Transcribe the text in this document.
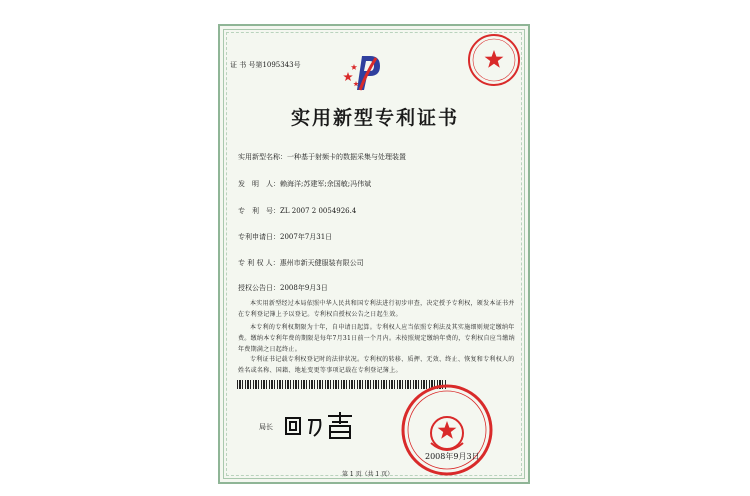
证 书 号第1095343号
实用新型专利证书
实用新型名称：一种基于射频卡的数据采集与处理装置
发　明　人：赖海洋;苏建军;余国敏;冯伟斌
专　利　号：ZL 2007 2 0054926.4
专利申请日：2007年7月31日
专 利 权 人：惠州市新天健服装有限公司
授权公告日：2008年9月3日
本实用新型经过本局依照中华人民共和国专利法进行初步审查，决定授予专利权，颁发本证书并在专利登记簿上予以登记。专利权自授权公告之日起生效。
本专利的专利权期限为十年，自申请日起算。专利权人应当依照专利法及其实施细则规定缴纳年费。缴纳本专利年费的期限是每年7月31日前一个月内。未按照规定缴纳年费的，专利权自应当缴纳年费期满之日起终止。
专利证书记载专利权登记时的法律状况。专利权的转移、质押、无效、终止、恢复和专利权人的姓名或名称、国籍、地址变更等事项记载在专利登记簿上。
局长
2008年9月3日
第 1 页（共 1 页）
